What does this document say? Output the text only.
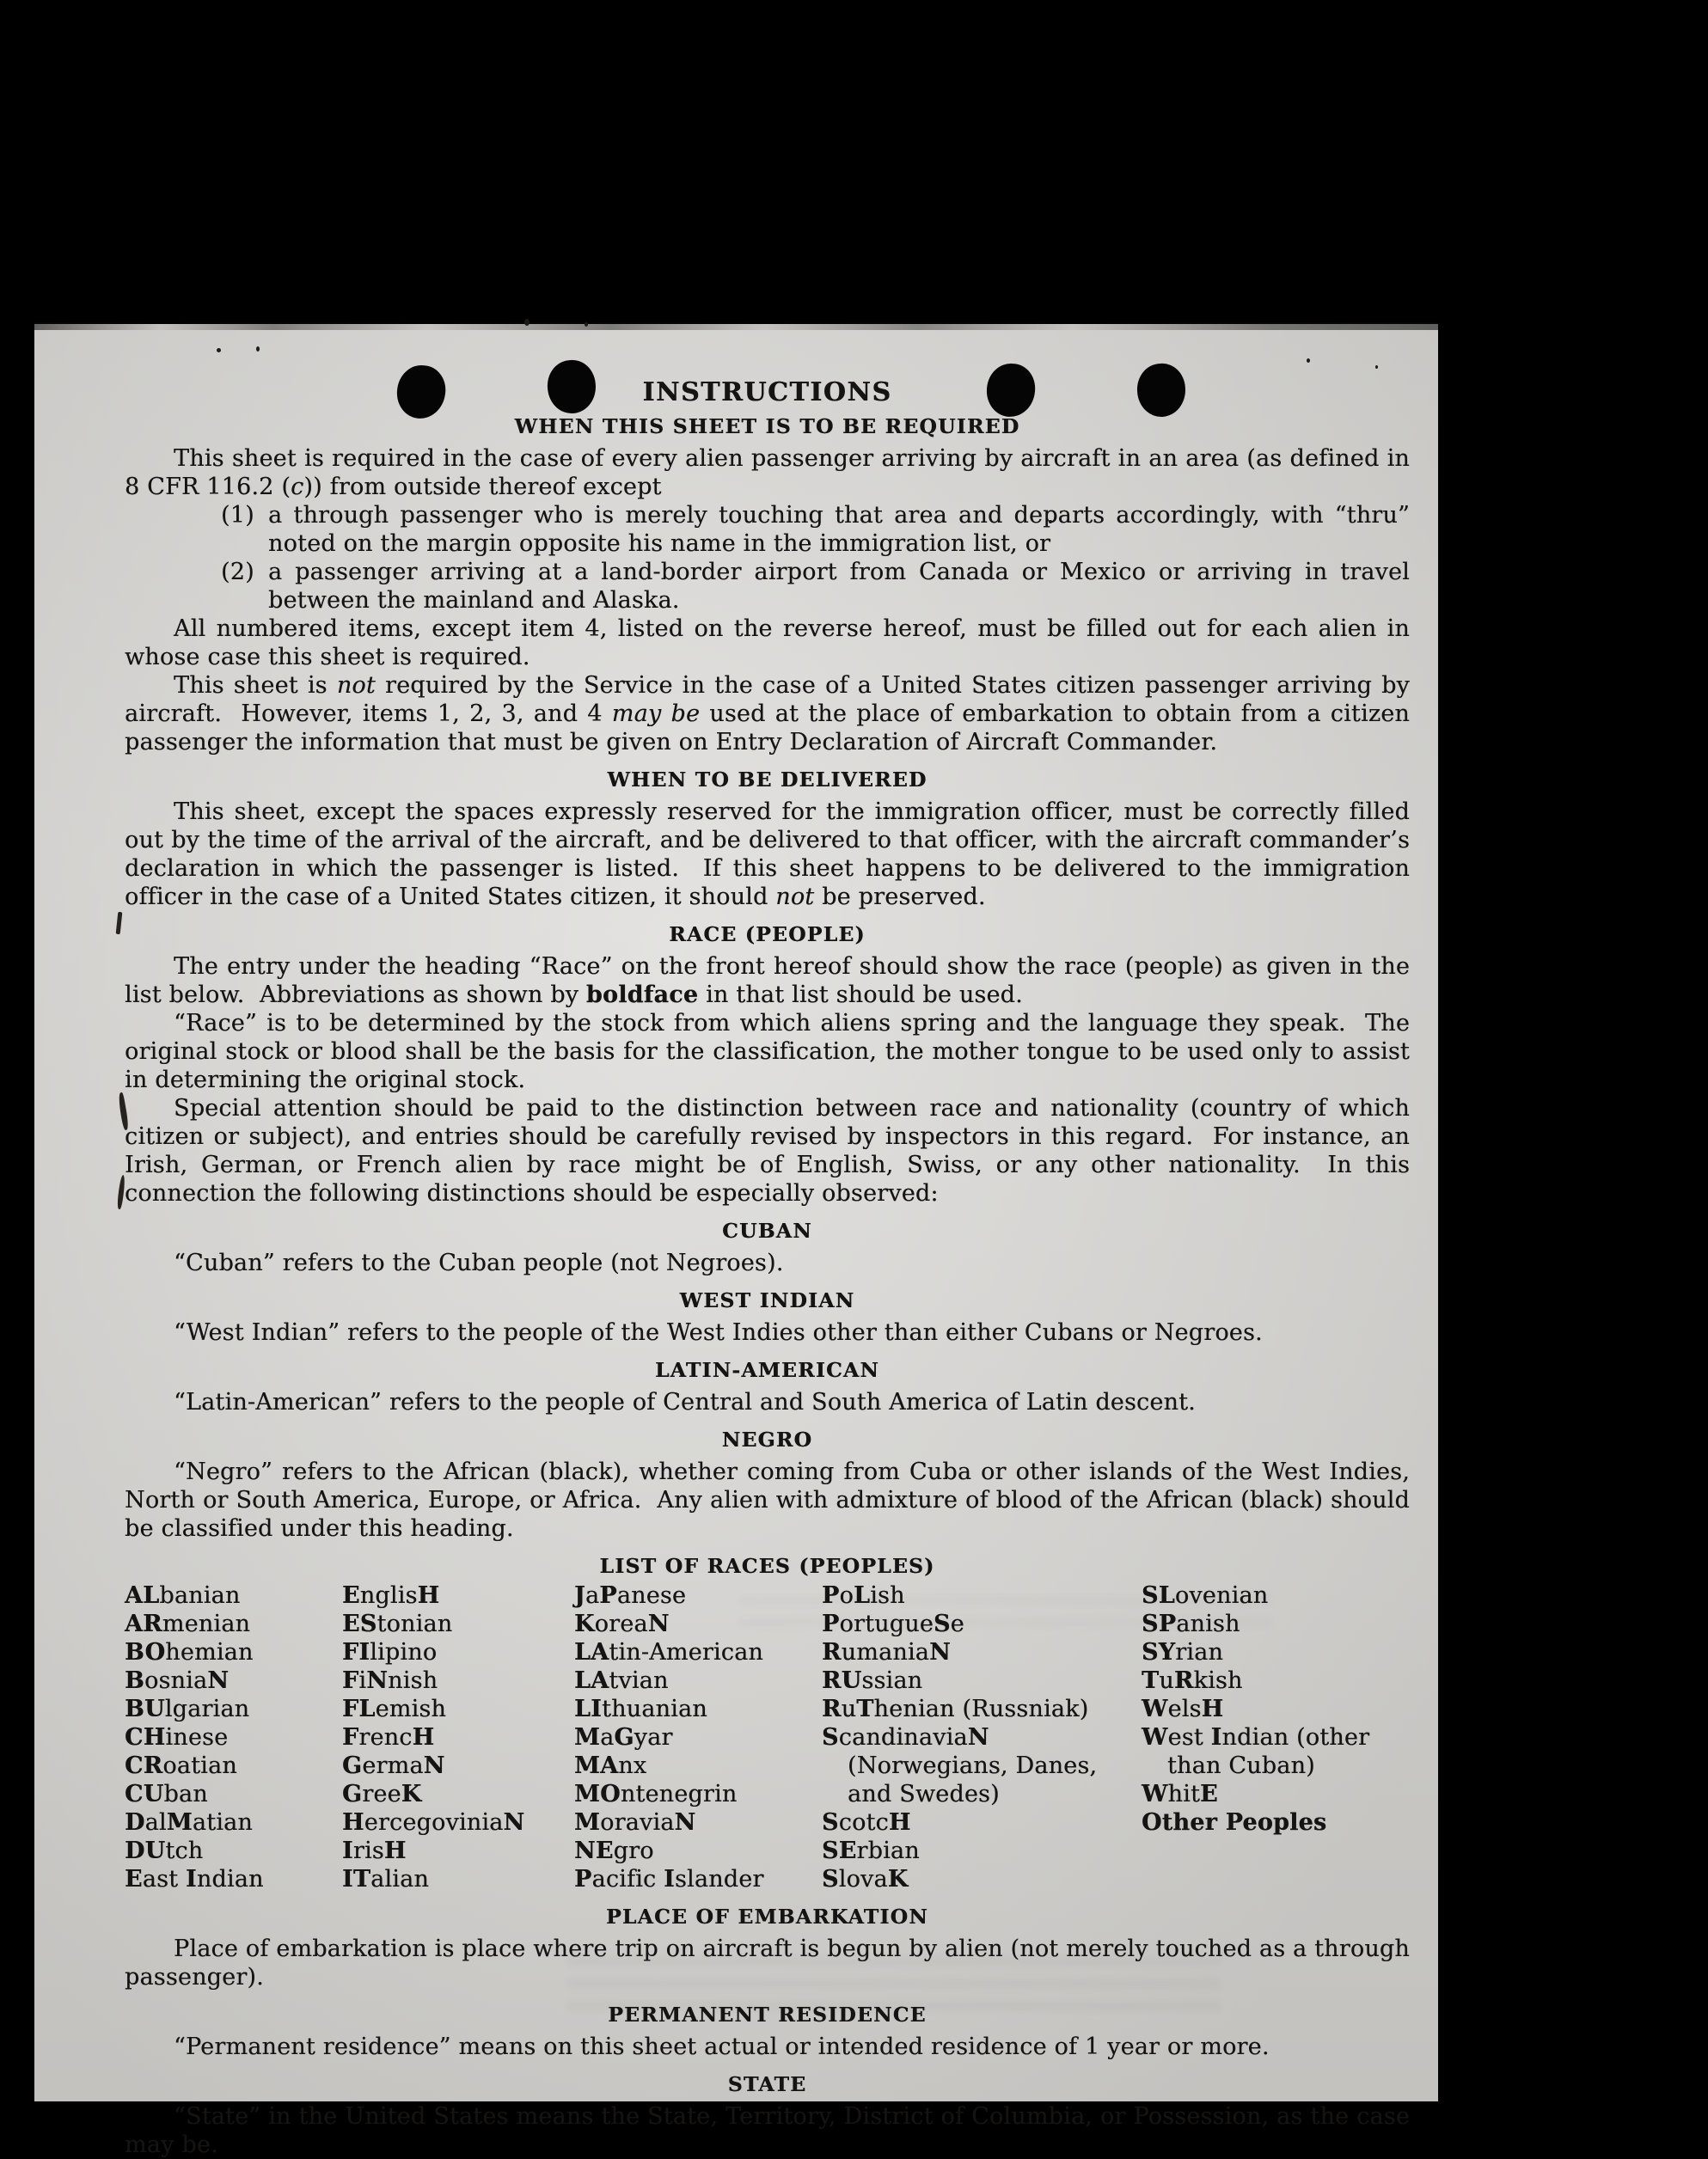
INSTRUCTIONS
WHEN THIS SHEET IS TO BE REQUIRED

This sheet is required in the case of every alien passenger arriving by aircraft in an area (as defined in 8 CFR 116.2 (c)) from outside thereof except

(1) a through passenger who is merely touching that area and departs accordingly, with “thru” noted on the margin opposite his name in the immigration list, or
(2) a passenger arriving at a land-border airport from Canada or Mexico or arriving in travel between the mainland and Alaska.

All numbered items, except item 4, listed on the reverse hereof, must be filled out for each alien in whose case this sheet is required.

This sheet is not required by the Service in the case of a United States citizen passenger arriving by aircraft.  However, items 1, 2, 3, and 4 may be used at the place of embarkation to obtain from a citizen passenger the information that must be given on Entry Declaration of Aircraft Commander.

WHEN TO BE DELIVERED

This sheet, except the spaces expressly reserved for the immigration officer, must be correctly filled out by the time of the arrival of the aircraft, and be delivered to that officer, with the aircraft commander’s declaration in which the passenger is listed.  If this sheet happens to be delivered to the immigration officer in the case of a United States citizen, it should not be preserved.

RACE (PEOPLE)

The entry under the heading “Race” on the front hereof should show the race (people) as given in the list below.  Abbreviations as shown by boldface in that list should be used.

“Race” is to be determined by the stock from which aliens spring and the language they speak.  The original stock or blood shall be the basis for the classification, the mother tongue to be used only to assist in determining the original stock.

Special attention should be paid to the distinction between race and nationality (country of which citizen or subject), and entries should be carefully revised by inspectors in this regard.  For instance, an Irish, German, or French alien by race might be of English, Swiss, or any other nationality.  In this connection the following distinctions should be especially observed:

CUBAN

“Cuban” refers to the Cuban people (not Negroes).

WEST INDIAN

“West Indian” refers to the people of the West Indies other than either Cubans or Negroes.

LATIN-AMERICAN

“Latin-American” refers to the people of Central and South America of Latin descent.

NEGRO

“Negro” refers to the African (black), whether coming from Cuba or other islands of the West Indies, North or South America, Europe, or Africa.  Any alien with admixture of blood of the African (black) should be classified under this heading.

LIST OF RACES (PEOPLES)
ALbanian
ARmenian
BOhemian
BosniaN
BUlgarian
CHinese
CRoatian
CUban
DalMatian
DUtch
East Indian
EnglisH
EStonian
FIlipino
FiNnish
FLemish
FrencH
GermaN
GreeK
HercegoviniaN
IrisH
ITalian
JaPanese
KoreaN
LAtin-American
LAtvian
LIthuanian
MaGyar
MAnx
MOntenegrin
MoraviaN
NEgro
Pacific Islander
PoLish
PortugueSe
RumaniaN
RUssian
RuThenian (Russniak)
ScandinaviaN (Norwegians, Danes, and Swedes)
ScotcH
SErbian
SlovaK
SLovenian
SPanish
SYrian
TuRkish
WelsH
West Indian (other than Cuban)
WhitE
Other Peoples
PLACE OF EMBARKATION

Place of embarkation is place where trip on aircraft is begun by alien (not merely touched as a through passenger).

PERMANENT RESIDENCE

“Permanent residence” means on this sheet actual or intended residence of 1 year or more.

STATE

“State” in the United States means the State, Territory, District of Columbia, or Possession, as the case may be.
